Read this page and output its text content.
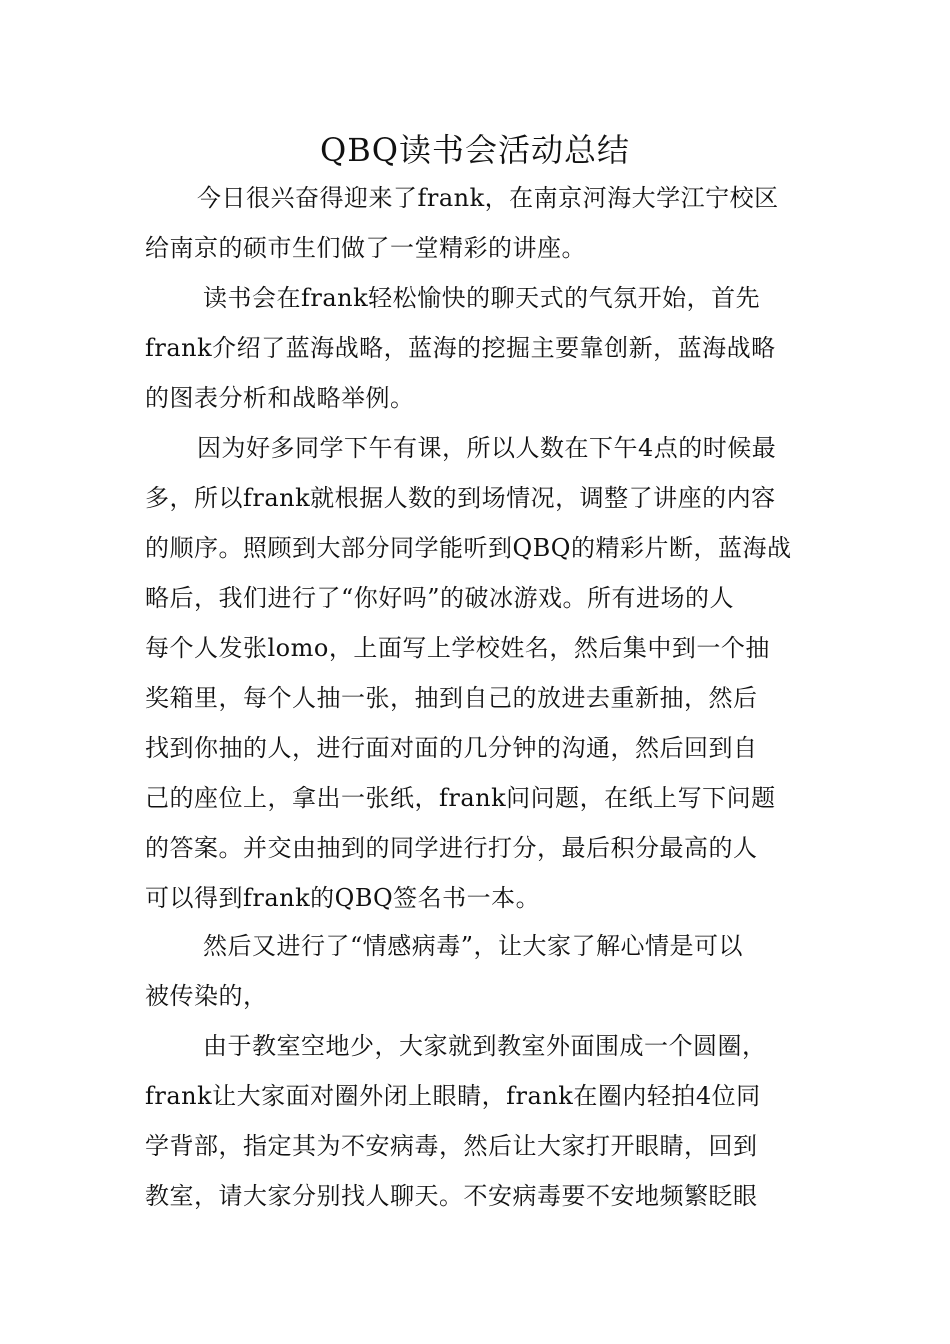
QBQ读书会活动总结
今日很兴奋得迎来了frank，在南京河海大学江宁校区
给南京的硕市生们做了一堂精彩的讲座。
读书会在frank轻松愉快的聊天式的气氛开始，首先
frank介绍了蓝海战略，蓝海的挖掘主要靠创新，蓝海战略
的图表分析和战略举例。
因为好多同学下午有课，所以人数在下午4点的时候最
多，所以frank就根据人数的到场情况，调整了讲座的内容
的顺序。照顾到大部分同学能听到QBQ的精彩片断，蓝海战
略后，我们进行了“你好吗”的破冰游戏。所有进场的人
每个人发张lomo，上面写上学校姓名，然后集中到一个抽
奖箱里，每个人抽一张，抽到自己的放进去重新抽，然后
找到你抽的人，进行面对面的几分钟的沟通，然后回到自
己的座位上，拿出一张纸，frank问问题，在纸上写下问题
的答案。并交由抽到的同学进行打分，最后积分最高的人
可以得到frank的QBQ签名书一本。
然后又进行了“情感病毒”，让大家了解心情是可以
被传染的，
由于教室空地少，大家就到教室外面围成一个圆圈，
frank让大家面对圈外闭上眼睛，frank在圈内轻拍4位同
学背部，指定其为不安病毒，然后让大家打开眼睛，回到
教室，请大家分别找人聊天。不安病毒要不安地频繁眨眼
